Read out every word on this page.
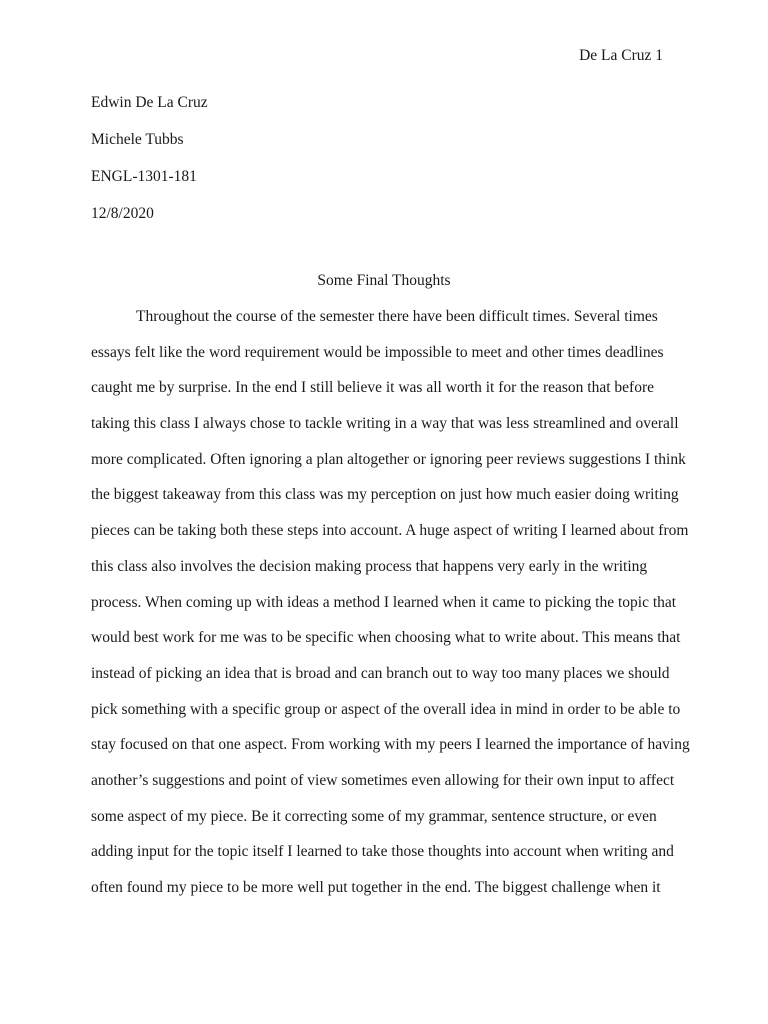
De La Cruz 1
Edwin De La Cruz
Michele Tubbs
ENGL-1301-181
12/8/2020
Some Final Thoughts
Throughout the course of the semester there have been difficult times. Several times
essays felt like the word requirement would be impossible to meet and other times deadlines
caught me by surprise. In the end I still believe it was all worth it for the reason that before
taking this class I always chose to tackle writing in a way that was less streamlined and overall
more complicated. Often ignoring a plan altogether or ignoring peer reviews suggestions I think
the biggest takeaway from this class was my perception on just how much easier doing writing
pieces can be taking both these steps into account. A huge aspect of writing I learned about from
this class also involves the decision making process that happens very early in the writing
process. When coming up with ideas a method I learned when it came to picking the topic that
would best work for me was to be specific when choosing what to write about. This means that
instead of picking an idea that is broad and can branch out to way too many places we should
pick something with a specific group or aspect of the overall idea in mind in order to be able to
stay focused on that one aspect. From working with my peers I learned the importance of having
another’s suggestions and point of view sometimes even allowing for their own input to affect
some aspect of my piece. Be it correcting some of my grammar, sentence structure, or even
adding input for the topic itself I learned to take those thoughts into account when writing and
often found my piece to be more well put together in the end. The biggest challenge when it
